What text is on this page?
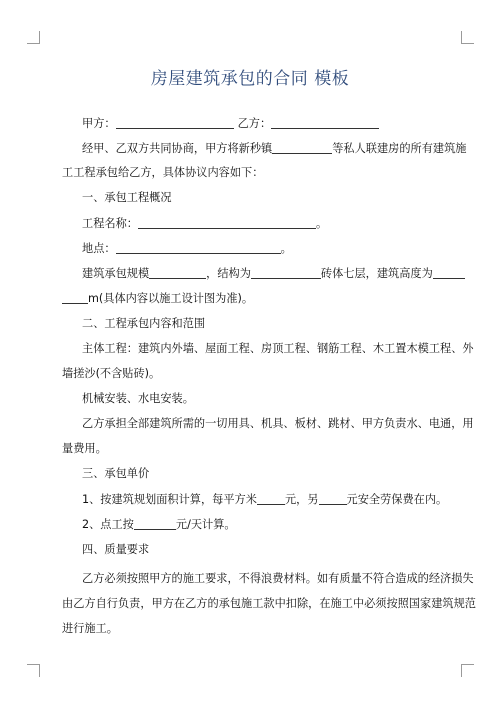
房屋建筑承包的合同 模板
甲方：	乙方：
经甲、乙双方共同协商，甲方将新秒镇	等私人联建房的所有建筑施
工工程承包给乙方，具体协议内容如下：
一、承包工程概况
工程名称：	。
地点：	。
建筑承包规模	，结构为	砖体七层，建筑高度为
m(具体内容以施工设计图为准)。
二、工程承包内容和范围
主体工程：建筑内外墙、屋面工程、房顶工程、钢筋工程、木工置木模工程、外
墙搓沙(不含贴砖)。
机械安装、水电安装。
乙方承担全部建筑所需的一切用具、机具、板材、跳材、甲方负责水、电通，用
量费用。
三、承包单价
1、按建筑规划面积计算，每平方米	元，另	元安全劳保费在内。
2、点工按	元/天计算。
四、质量要求
乙方必须按照甲方的施工要求，不得浪费材料。如有质量不符合造成的经济损失
由乙方自行负责，甲方在乙方的承包施工款中扣除，在施工中必须按照国家建筑规范
进行施工。
